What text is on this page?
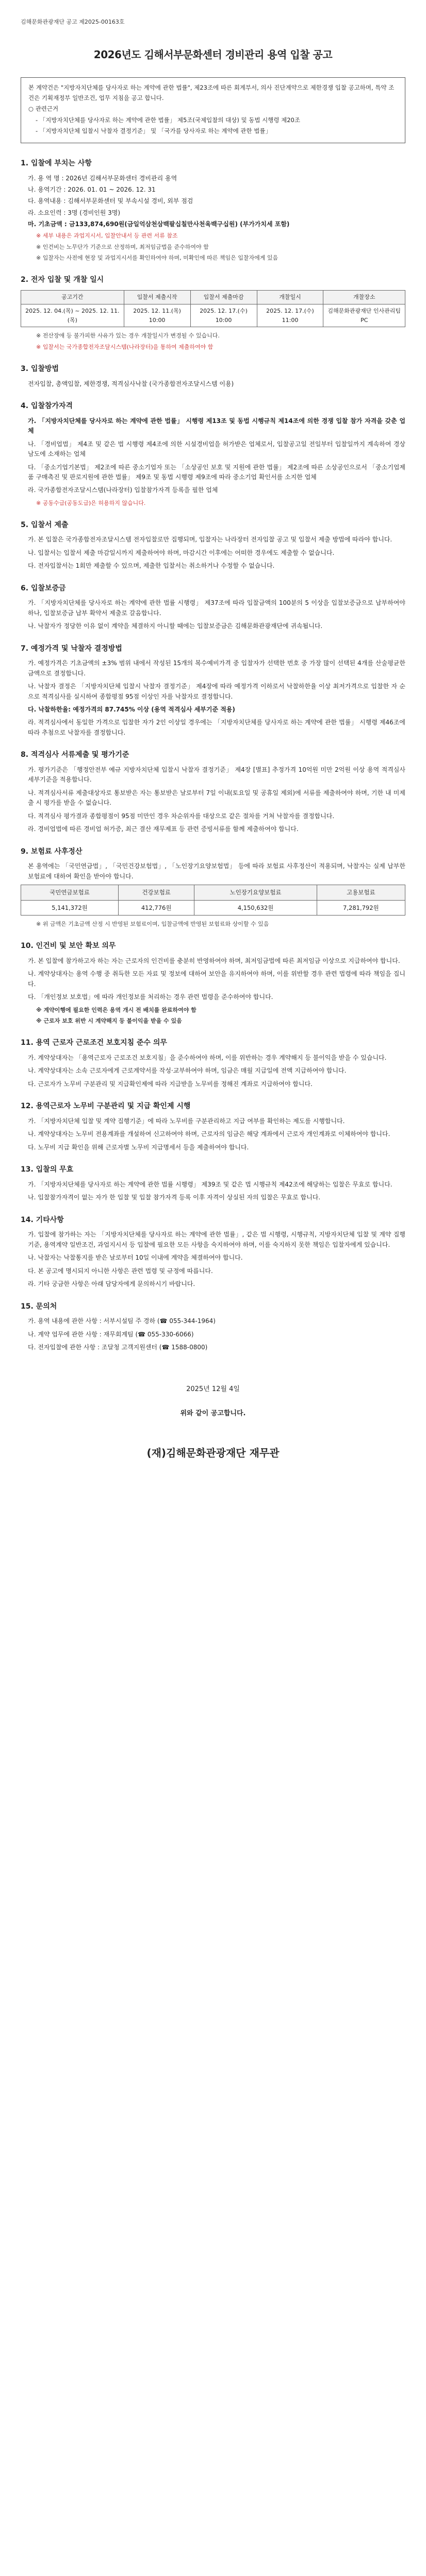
김해문화관광재단 공고 제2025-00163호
2026년도 김해서부문화센터 경비관리 용역 입찰 공고

본 계약건은 "지방자치단체를 당사자로 하는 계약에 관한 법률", 제23조에 따른 회계부서, 의사 진단계약으로 제한경쟁 입찰 공고하며, 특약 조건은 기획재정부 일반조건, 업무 지침을 공고 합니다.

○ 관련근거

- 「지방자치단체를 당사자로 하는 계약에 관한 법률」 제5조(국제입찰의 대상) 및 동법 시행령 제20조

- 「지방자치단체 입찰시 낙찰자 결정기준」 및 「국가를 당사자로 하는 계약에 관한 법률」

1. 입찰에 부치는 사항
가. 용 역 명 : 2026년 김해서부문화센터 경비관리 용역
나. 용역기간 : 2026. 01. 01 ~ 2026. 12. 31
다. 용역내용 : 김해서부문화센터 및 부속시설 경비, 외부 점검
라. 소요인력 : 3명 (경비인원 3명)
마. 기초금액 : 금133,874,690원(금일억삼천삼백팔십칠만사천육백구십원) (부가가치세 포함)
※ 세부 내용은 과업지시서, 입찰안내서 등 관련 서류 참조
※ 인건비는 노무단가 기준으로 산정하며, 최저임금법을 준수하여야 함
※ 입찰자는 사전에 현장 및 과업지시서를 확인하여야 하며, 미확인에 따른 책임은 입찰자에게 있음
2. 전자 입찰 및 개찰 일시
공고기간	입찰서 제출시작	입찰서 제출마감	개찰일시	개찰장소
2025. 12. 04.(목) ~ 2025. 12. 11.(목)	2025. 12. 11.(목) 10:00	2025. 12. 17.(수) 10:00	2025. 12. 17.(수) 11:00	김해문화관광재단 인사관리팀 PC
※ 전산장애 등 불가피한 사유가 있는 경우 개찰일시가 변경될 수 있습니다.
※ 입찰서는 국가종합전자조달시스템(나라장터)을 통하여 제출하여야 함
3. 입찰방법
전자입찰, 총액입찰, 제한경쟁, 적격심사낙찰 (국가종합전자조달시스템 이용)
4. 입찰참가자격
가. 「지방자치단체를 당사자로 하는 계약에 관한 법률」 시행령 제13조 및 동법 시행규칙 제14조에 의한 경쟁 입찰 참가 자격을 갖춘 업체
나. 「경비업법」 제4조 및 같은 법 시행령 제4조에 의한 시설경비업을 허가받은 업체로서, 입찰공고일 전일부터 입찰일까지 계속하여 경상남도에 소재하는 업체
다. 「중소기업기본법」 제2조에 따른 중소기업자 또는 「소상공인 보호 및 지원에 관한 법률」 제2조에 따른 소상공인으로서 「중소기업제품 구매촉진 및 판로지원에 관한 법률」 제9조 및 동법 시행령 제9조에 따라 중소기업 확인서를 소지한 업체
라. 국가종합전자조달시스템(나라장터) 입찰참가자격 등록을 필한 업체
※ 공동수급(공동도급)은 허용하지 않습니다.
5. 입찰서 제출
가. 본 입찰은 국가종합전자조달시스템 전자입찰로만 집행되며, 입찰자는 나라장터 전자입찰 공고 및 입찰서 제출 방법에 따라야 합니다.
나. 입찰서는 입찰서 제출 마감일시까지 제출하여야 하며, 마감시간 이후에는 어떠한 경우에도 제출할 수 없습니다.
다. 전자입찰서는 1회만 제출할 수 있으며, 제출한 입찰서는 취소하거나 수정할 수 없습니다.
6. 입찰보증금
가. 「지방자치단체를 당사자로 하는 계약에 관한 법률 시행령」 제37조에 따라 입찰금액의 100분의 5 이상을 입찰보증금으로 납부하여야 하나, 입찰보증금 납부 확약서 제출로 갈음합니다.
나. 낙찰자가 정당한 이유 없이 계약을 체결하지 아니할 때에는 입찰보증금은 김해문화관광재단에 귀속됩니다.
7. 예정가격 및 낙찰자 결정방법
가. 예정가격은 기초금액의 ±3% 범위 내에서 작성된 15개의 복수예비가격 중 입찰자가 선택한 번호 중 가장 많이 선택된 4개를 산술평균한 금액으로 결정합니다.
나. 낙찰자 결정은 「지방자치단체 입찰시 낙찰자 결정기준」 제4장에 따라 예정가격 이하로서 낙찰하한율 이상 최저가격으로 입찰한 자 순으로 적격심사를 실시하여 종합평점 95점 이상인 자를 낙찰자로 결정합니다.
다. 낙찰하한율: 예정가격의 87.745% 이상 (용역 적격심사 세부기준 적용)
라. 적격심사에서 동일한 가격으로 입찰한 자가 2인 이상일 경우에는 「지방자치단체를 당사자로 하는 계약에 관한 법률」 시행령 제46조에 따라 추첨으로 낙찰자를 결정합니다.
8. 적격심사 서류제출 및 평가기준
가. 평가기준은 「행정안전부 예규 지방자치단체 입찰시 낙찰자 결정기준」 제4장 [별표] 추정가격 10억원 미만 2억원 이상 용역 적격심사 세부기준을 적용합니다.
나. 적격심사서류 제출대상자로 통보받은 자는 통보받은 날로부터 7일 이내(토요일 및 공휴일 제외)에 서류를 제출하여야 하며, 기한 내 미제출 시 평가를 받을 수 없습니다.
다. 적격심사 평가결과 종합평점이 95점 미만인 경우 차순위자를 대상으로 같은 절차를 거쳐 낙찰자를 결정합니다.
라. 경비업법에 따른 경비업 허가증, 최근 결산 재무제표 등 관련 증빙서류를 함께 제출하여야 합니다.
9. 보험료 사후정산
본 용역에는 「국민연금법」, 「국민건강보험법」, 「노인장기요양보험법」 등에 따라 보험료 사후정산이 적용되며, 낙찰자는 실제 납부한 보험료에 대하여 확인을 받아야 합니다.
국민연금보험료	건강보험료	노인장기요양보험료	고용보험료
5,141,372원	412,776원	4,150,632원	7,281,792원
※ 위 금액은 기초금액 산정 시 반영된 보험료이며, 입찰금액에 반영된 보험료와 상이할 수 있음
10. 인건비 및 보안 확보 의무
가. 본 입찰에 참가하고자 하는 자는 근로자의 인건비를 충분히 반영하여야 하며, 최저임금법에 따른 최저임금 이상으로 지급하여야 합니다.
나. 계약상대자는 용역 수행 중 취득한 모든 자료 및 정보에 대하여 보안을 유지하여야 하며, 이를 위반할 경우 관련 법령에 따라 책임을 집니다.
다. 「개인정보 보호법」에 따라 개인정보를 처리하는 경우 관련 법령을 준수하여야 합니다.
※ 계약이행에 필요한 인력은 용역 개시 전 배치를 완료하여야 함
※ 근로자 보호 위반 시 계약해지 등 불이익을 받을 수 있음
11. 용역 근로자 근로조건 보호지침 준수 의무
가. 계약상대자는 「용역근로자 근로조건 보호지침」을 준수하여야 하며, 이를 위반하는 경우 계약해지 등 불이익을 받을 수 있습니다.
나. 계약상대자는 소속 근로자에게 근로계약서를 작성·교부하여야 하며, 임금은 매월 지급일에 전액 지급하여야 합니다.
다. 근로자가 노무비 구분관리 및 지급확인제에 따라 지급받을 노무비를 정해진 계좌로 지급하여야 합니다.
12. 용역근로자 노무비 구분관리 및 지급 확인제 시행
가. 「지방자치단체 입찰 및 계약 집행기준」에 따라 노무비를 구분관리하고 지급 여부를 확인하는 제도를 시행합니다.
나. 계약상대자는 노무비 전용계좌를 개설하여 신고하여야 하며, 근로자의 임금은 해당 계좌에서 근로자 개인계좌로 이체하여야 합니다.
다. 노무비 지급 확인을 위해 근로자별 노무비 지급명세서 등을 제출하여야 합니다.
13. 입찰의 무효
가. 「지방자치단체를 당사자로 하는 계약에 관한 법률 시행령」 제39조 및 같은 법 시행규칙 제42조에 해당하는 입찰은 무효로 합니다.
나. 입찰참가자격이 없는 자가 한 입찰 및 입찰 참가자격 등록 이후 자격이 상실된 자의 입찰은 무효로 합니다.
14. 기타사항
가. 입찰에 참가하는 자는 「지방자치단체를 당사자로 하는 계약에 관한 법률」, 같은 법 시행령, 시행규칙, 지방자치단체 입찰 및 계약 집행기준, 용역계약 일반조건, 과업지시서 등 입찰에 필요한 모든 사항을 숙지하여야 하며, 이를 숙지하지 못한 책임은 입찰자에게 있습니다.
나. 낙찰자는 낙찰통지를 받은 날로부터 10일 이내에 계약을 체결하여야 합니다.
다. 본 공고에 명시되지 아니한 사항은 관련 법령 및 규정에 따릅니다.
라. 기타 궁금한 사항은 아래 담당자에게 문의하시기 바랍니다.
15. 문의처
가. 용역 내용에 관한 사항 : 서부시설팀 주 경하 (☎ 055-344-1964)
나. 계약 업무에 관한 사항 : 재무회계팀 (☎ 055-330-6066)
다. 전자입찰에 관한 사항 : 조달청 고객지원센터 (☎ 1588-0800)
2025년 12월 4일
위와 같이 공고합니다.
(재)김해문화관광재단 재무관
